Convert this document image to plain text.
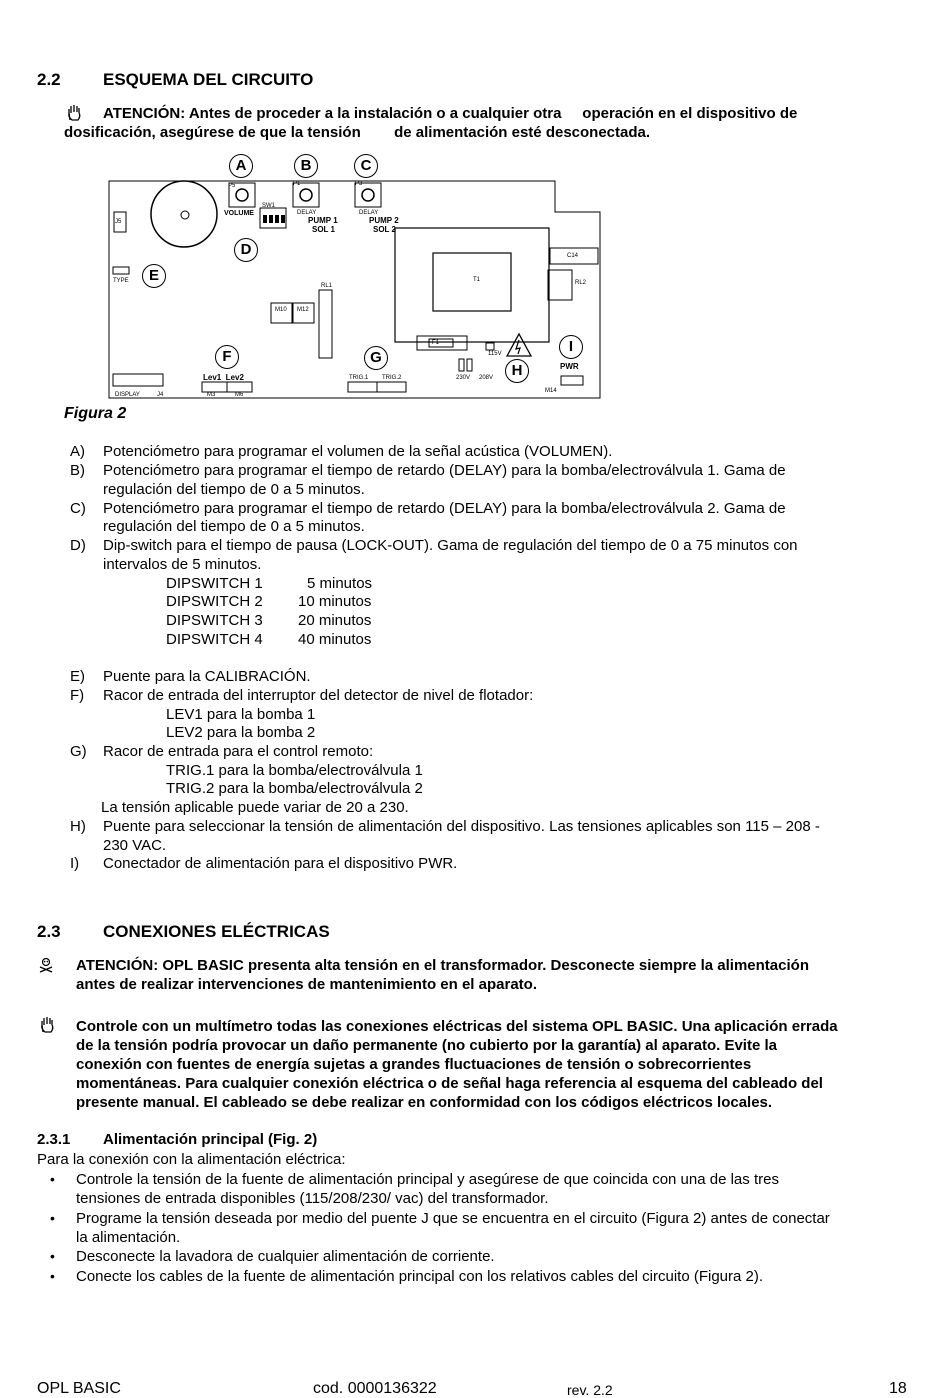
2.2 ESQUEMA DEL CIRCUITO
ATENCIÓN: Antes de proceder a la instalación o a cualquier otra     operación en el dispositivo de
dosificación, asegúrese de que la tensión        de alimentación esté desconectada.
P5	P1	P3
SW1
J5
VOLUME	DELAY
PUMP 1
SOL 1
DELAY
PUMP 2
SOL 2
TYPE
C14
RL2
RL1
T1
M10 M12
F1
115V
230V 208V
PWR
M14
DISPLAY	J4
Lev1  Lev2
M3	M6
TRIG.1 TRIG.2
A	B	C
D
E
F	G
H
I
Figura 2
A) Potenciómetro para programar el volumen de la señal acústica (VOLUMEN).
B) Potenciómetro para programar el tiempo de retardo (DELAY) para la bomba/electroválvula 1. Gama de
regulación del tiempo de 0 a 5 minutos.
C) Potenciómetro para programar el tiempo de retardo (DELAY) para la bomba/electroválvula 2. Gama de
regulación del tiempo de 0 a 5 minutos.
D) Dip-switch para el tiempo de pausa (LOCK-OUT). Gama de regulación del tiempo de 0 a 75 minutos con
intervalos de 5 minutos.
DIPSWITCH 1	5 minutos
DIPSWITCH 2 10 minutos
DIPSWITCH 3 20 minutos
DIPSWITCH 4 40 minutos
E) Puente para la CALIBRACIÓN.
F) Racor de entrada del interruptor del detector de nivel de flotador:
LEV1 para la bomba 1
LEV2 para la bomba 2
G) Racor de entrada para el control remoto:
TRIG.1 para la bomba/electroválvula 1
TRIG.2 para la bomba/electroválvula 2
La tensión aplicable puede variar de 20 a 230.
H) Puente para seleccionar la tensión de alimentación del dispositivo. Las tensiones aplicables son 115 – 208 -
230 VAC.
I) Conectador de alimentación para el dispositivo PWR.
2.3 CONEXIONES ELÉCTRICAS
ATENCIÓN: OPL BASIC presenta alta tensión en el transformador. Desconecte siempre la alimentación
antes de realizar intervenciones de mantenimiento en el aparato.
Controle con un multímetro todas las conexiones eléctricas del sistema OPL BASIC. Una aplicación errada
de la tensión podría provocar un daño permanente (no cubierto por la garantía) al aparato. Evite la
conexión con fuentes de energía sujetas a grandes fluctuaciones de tensión o sobrecorrientes
momentáneas. Para cualquier conexión eléctrica o de señal haga referencia al esquema del cableado del
presente manual. El cableado se debe realizar en conformidad con los códigos eléctricos locales.
2.3.1 Alimentación principal (Fig. 2)
Para la conexión con la alimentación eléctrica:
• Controle la tensión de la fuente de alimentación principal y asegúrese de que coincida con una de las tres
tensiones de entrada disponibles (115/208/230/ vac) del transformador.
• Programe la tensión deseada por medio del puente J que se encuentra en el circuito (Figura 2) antes de conectar
la alimentación.
• Desconecte la lavadora de cualquier alimentación de corriente.
• Conecte los cables de la fuente de alimentación principal con los relativos cables del circuito (Figura 2).
OPL BASIC	cod. 0000136322	rev. 2.2	18
